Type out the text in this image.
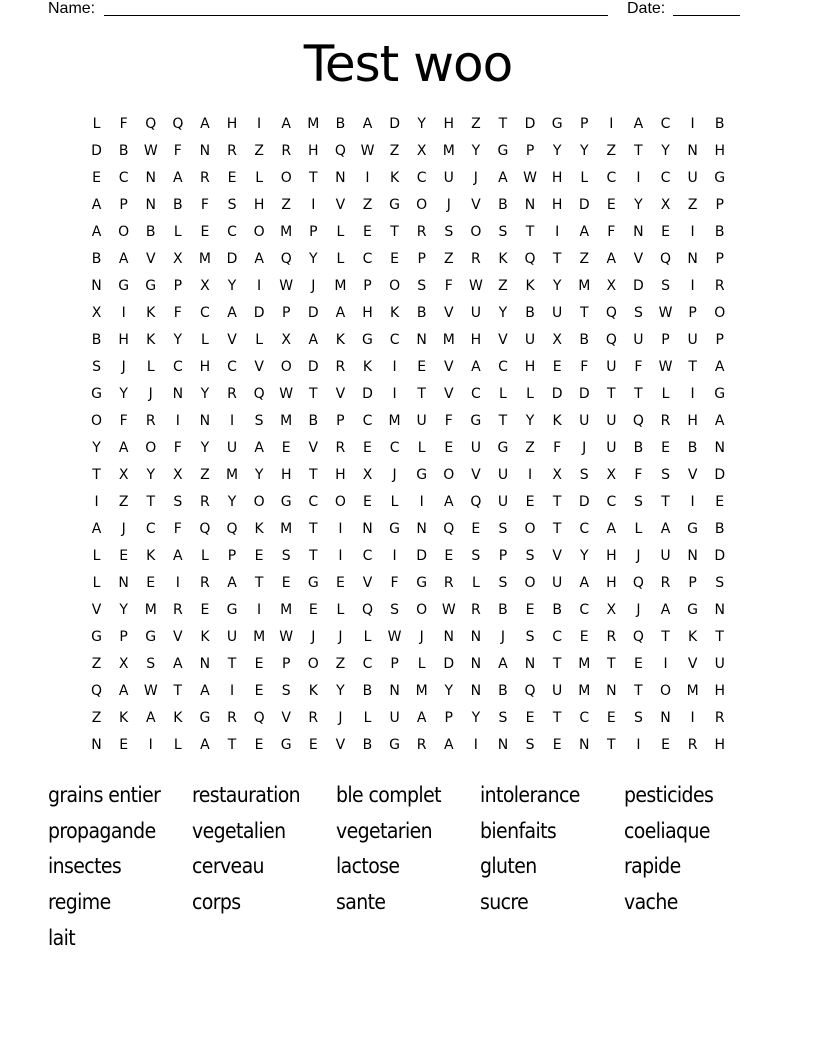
Name:	Date:
Test woo
L	F	Q	Q	A	H	I	A	M	B	A	D	Y	H	Z	T	D	G	P	I	A	C	I	B
D	B	W	F	N	R	Z	R	H	Q	W	Z	X	M	Y	G	P	Y	Y	Z	T	Y	N	H
E	C	N	A	R	E	L	O	T	N	I	K	C	U	J	A	W	H	L	C	I	C	U	G
A	P	N	B	F	S	H	Z	I	V	Z	G	O	J	V	B	N	H	D	E	Y	X	Z	P
A	O	B	L	E	C	O	M	P	L	E	T	R	S	O	S	T	I	A	F	N	E	I	B
B	A	V	X	M	D	A	Q	Y	L	C	E	P	Z	R	K	Q	T	Z	A	V	Q	N	P
N	G	G	P	X	Y	I	W	J	M	P	O	S	F	W	Z	K	Y	M	X	D	S	I	R
X	I	K	F	C	A	D	P	D	A	H	K	B	V	U	Y	B	U	T	Q	S	W	P	O
B	H	K	Y	L	V	L	X	A	K	G	C	N	M	H	V	U	X	B	Q	U	P	U	P
S	J	L	C	H	C	V	O	D	R	K	I	E	V	A	C	H	E	F	U	F	W	T	A
G	Y	J	N	Y	R	Q	W	T	V	D	I	T	V	C	L	L	D	D	T	T	L	I	G
O	F	R	I	N	I	S	M	B	P	C	M	U	F	G	T	Y	K	U	U	Q	R	H	A
Y	A	O	F	Y	U	A	E	V	R	E	C	L	E	U	G	Z	F	J	U	B	E	B	N
T	X	Y	X	Z	M	Y	H	T	H	X	J	G	O	V	U	I	X	S	X	F	S	V	D
I	Z	T	S	R	Y	O	G	C	O	E	L	I	A	Q	U	E	T	D	C	S	T	I	E
A	J	C	F	Q	Q	K	M	T	I	N	G	N	Q	E	S	O	T	C	A	L	A	G	B
L	E	K	A	L	P	E	S	T	I	C	I	D	E	S	P	S	V	Y	H	J	U	N	D
L	N	E	I	R	A	T	E	G	E	V	F	G	R	L	S	O	U	A	H	Q	R	P	S
V	Y	M	R	E	G	I	M	E	L	Q	S	O	W	R	B	E	B	C	X	J	A	G	N
G	P	G	V	K	U	M	W	J	J	L	W	J	N	N	J	S	C	E	R	Q	T	K	T
Z	X	S	A	N	T	E	P	O	Z	C	P	L	D	N	A	N	T	M	T	E	I	V	U
Q	A	W	T	A	I	E	S	K	Y	B	N	M	Y	N	B	Q	U	M	N	T	O	M	H
Z	K	A	K	G	R	Q	V	R	J	L	U	A	P	Y	S	E	T	C	E	S	N	I	R
N	E	I	L	A	T	E	G	E	V	B	G	R	A	I	N	S	E	N	T	I	E	R	H
grains entier	restauration	ble complet	intolerance	pesticides
propagande	vegetalien	vegetarien	bienfaits	coeliaque
insectes	cerveau	lactose	gluten	rapide
regime	corps	sante	sucre	vache
lait
